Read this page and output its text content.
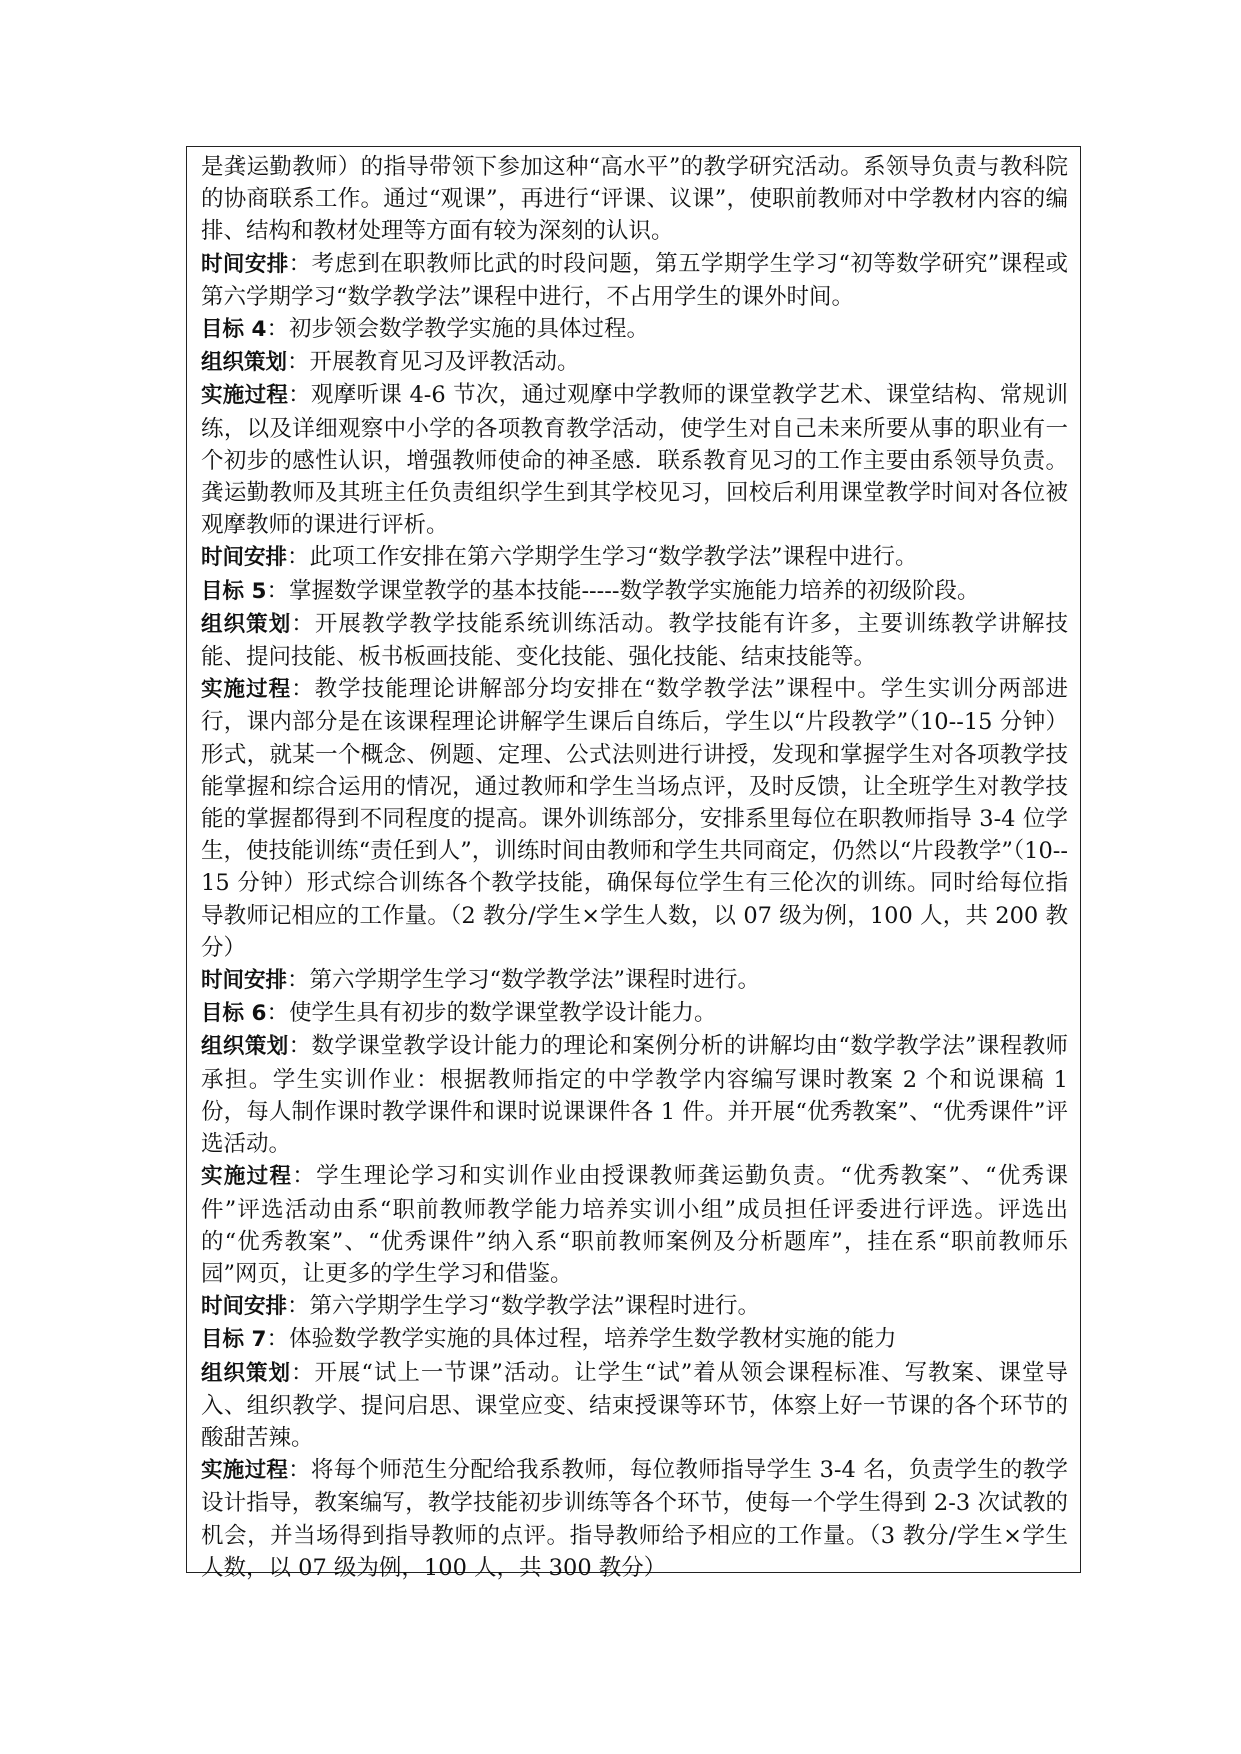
是龚运勤教师）的指导带领下参加这种“高水平”的教学研究活动。系领导负责与教科院的协商联系工作。通过“观课”，再进行“评课、议课”，使职前教师对中学教材内容的编排、结构和教材处理等方面有较为深刻的认识。

时间安排：考虑到在职教师比武的时段问题，第五学期学生学习“初等数学研究”课程或第六学期学习“数学教学法”课程中进行，不占用学生的课外时间。

目标 4：初步领会数学教学实施的具体过程。

组织策划：开展教育见习及评教活动。

实施过程：观摩听课 4-6 节次，通过观摩中学教师的课堂教学艺术、课堂结构、常规训练，以及详细观察中小学的各项教育教学活动，使学生对自己未来所要从事的职业有一个初步的感性认识，增强教师使命的神圣感．联系教育见习的工作主要由系领导负责。龚运勤教师及其班主任负责组织学生到其学校见习，回校后利用课堂教学时间对各位被观摩教师的课进行评析。

时间安排：此项工作安排在第六学期学生学习“数学教学法”课程中进行。

目标 5：掌握数学课堂教学的基本技能-----数学教学实施能力培养的初级阶段。

组织策划：开展教学教学技能系统训练活动。教学技能有许多，主要训练教学讲解技能、提问技能、板书板画技能、变化技能、强化技能、结束技能等。

实施过程：教学技能理论讲解部分均安排在“数学教学法”课程中。学生实训分两部进行，课内部分是在该课程理论讲解学生课后自练后，学生以“片段教学”（10--15 分钟）形式，就某一个概念、例题、定理、公式法则进行讲授，发现和掌握学生对各项教学技能掌握和综合运用的情况，通过教师和学生当场点评，及时反馈，让全班学生对教学技能的掌握都得到不同程度的提高。课外训练部分，安排系里每位在职教师指导 3-4 位学生，使技能训练“责任到人”，训练时间由教师和学生共同商定，仍然以“片段教学”（10--15 分钟）形式综合训练各个教学技能，确保每位学生有三伦次的训练。同时给每位指导教师记相应的工作量。（2 教分/学生×学生人数，以 07 级为例，100 人，共 200 教分）

时间安排：第六学期学生学习“数学教学法”课程时进行。

目标 6：使学生具有初步的数学课堂教学设计能力。

组织策划：数学课堂教学设计能力的理论和案例分析的讲解均由“数学教学法”课程教师承担。学生实训作业：根据教师指定的中学教学内容编写课时教案 2 个和说课稿 1 份，每人制作课时教学课件和课时说课课件各 1 件。并开展“优秀教案”、“优秀课件”评选活动。

实施过程：学生理论学习和实训作业由授课教师龚运勤负责。“优秀教案”、“优秀课件”评选活动由系“职前教师教学能力培养实训小组”成员担任评委进行评选。评选出的“优秀教案”、“优秀课件”纳入系“职前教师案例及分析题库”，挂在系“职前教师乐园”网页，让更多的学生学习和借鉴。

时间安排：第六学期学生学习“数学教学法”课程时进行。

目标 7：体验数学教学实施的具体过程，培养学生数学教材实施的能力

组织策划：开展“试上一节课”活动。让学生“试”着从领会课程标准、写教案、课堂导入、组织教学、提问启思、课堂应变、结束授课等环节，体察上好一节课的各个环节的酸甜苦辣。

实施过程：将每个师范生分配给我系教师，每位教师指导学生 3-4 名，负责学生的教学设计指导，教案编写，教学技能初步训练等各个环节，使每一个学生得到 2-3 次试教的机会，并当场得到指导教师的点评。指导教师给予相应的工作量。（3 教分/学生×学生人数，以 07 级为例，100 人，共 300 教分）
